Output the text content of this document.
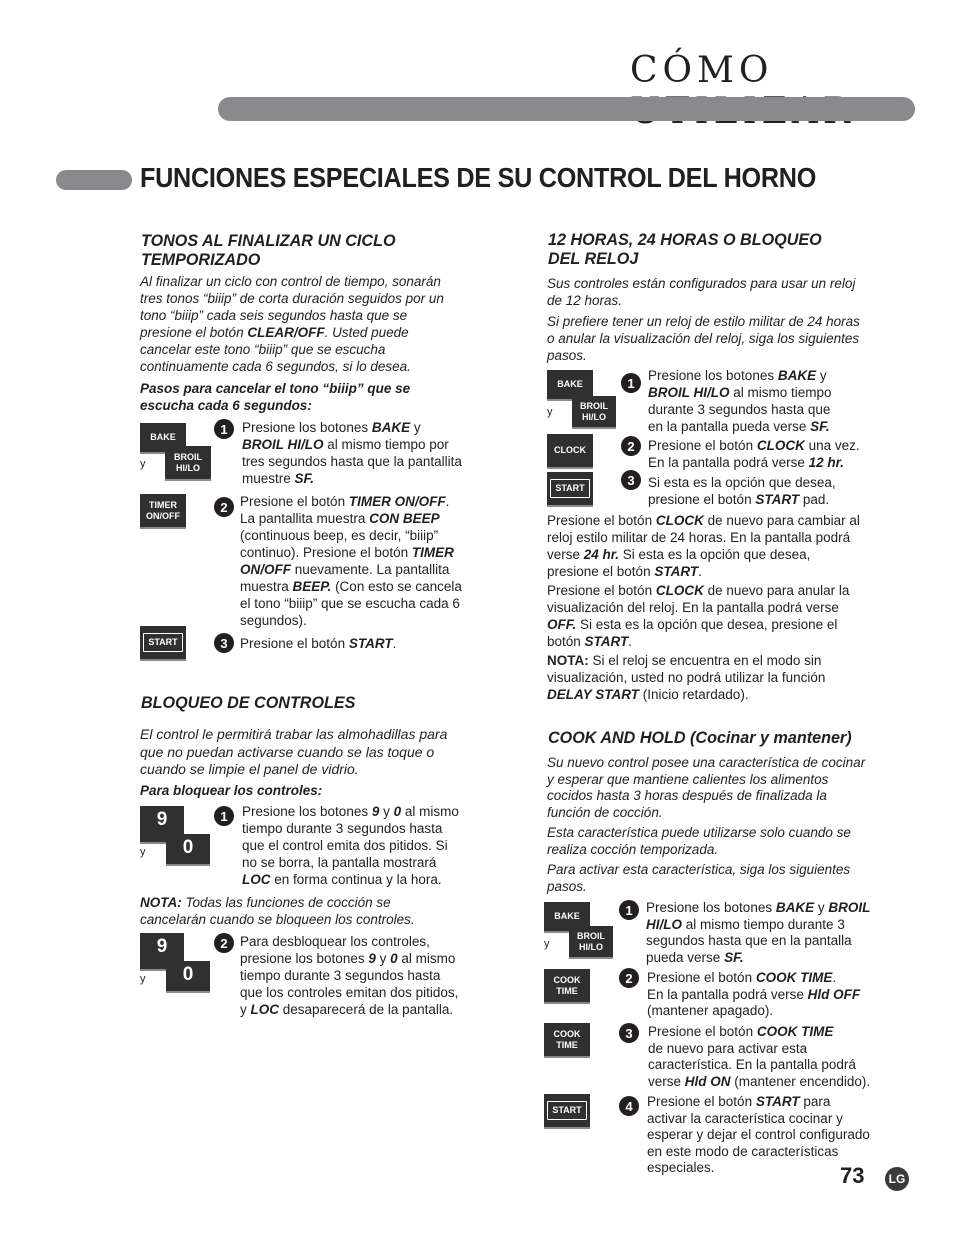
CÓMO
FUNCIONES ESPECIALES DE SU CONTROL DEL HORNO
TONOS AL FINALIZAR UN CICLO
TEMPORIZADO
Al finalizar un ciclo con control de tiempo, sonarán
tres tonos “biiip” de corta duración seguidos por un
tono “biiip” cada seis segundos hasta que se
presione el botón CLEAR/OFF. Usted puede
cancelar este tono “biiip” que se escucha
continuamente cada 6 segundos, si lo desea.
Pasos para cancelar el tono “biiip” que se
escucha cada 6 segundos:
BAKE
y
BROIL
HI/LO
1	Presione los botones BAKE y
BROIL HI/LO al mismo tiempo por
tres segundos hasta que la pantallita
muestre SF.
TIMER
ON/OFF
2 Presione el botón TIMER ON/OFF.
La pantallita muestra CON BEEP
(continuous beep, es decir, “biiip”
continuo). Presione el botón TIMER
ON/OFF nuevamente. La pantallita
muestra BEEP. (Con esto se cancela
el tono “biiip” que se escucha cada 6
segundos).
START	3 Presione el botón START.
BLOQUEO DE CONTROLES
El control le permitirá trabar las almohadillas para
que no puedan activarse cuando se las toque o
cuando se limpie el panel de vidrio.
Para bloquear los controles:
9
y	0
1	Presione los botones 9 y 0 al mismo
tiempo durante 3 segundos hasta
que el control emita dos pitidos. Si
no se borra, la pantalla mostrará
LOC en forma continua y la hora.
NOTA: Todas las funciones de cocción se
cancelarán cuando se bloqueen los controles.
9
y	0
2 Para desbloquear los controles,
presione los botones 9 y 0 al mismo
tiempo durante 3 segundos hasta
que los controles emitan dos pitidos,
y LOC desaparecerá de la pantalla.
12 HORAS, 24 HORAS O BLOQUEO
DEL RELOJ
Sus controles están configurados para usar un reloj
de 12 horas.
Si prefiere tener un reloj de estilo militar de 24 horas
o anular la visualización del reloj, siga los siguientes
pasos.
BAKE
y
BROIL
HI/LO
1 Presione los botones BAKE y
BROIL HI/LO al mismo tiempo
durante 3 segundos hasta que
en la pantalla pueda verse SF.
CLOCK	2 Presione el botón CLOCK una vez.
En la pantalla podrá verse 12 hr.
START
3 Si esta es la opción que desea,
presione el botón START pad.
Presione el botón CLOCK de nuevo para cambiar al
reloj estilo militar de 24 horas. En la pantalla podrá
verse 24 hr. Si esta es la opción que desea,
presione el botón START.
Presione el botón CLOCK de nuevo para anular la
visualización del reloj. En la pantalla podrá verse
OFF. Si esta es la opción que desea, presione el
botón START.
NOTA: Si el reloj se encuentra en el modo sin
visualización, usted no podrá utilizar la función
DELAY START (Inicio retardado).
COOK AND HOLD (Cocinar y mantener)
Su nuevo control posee una característica de cocinar
y esperar que mantiene calientes los alimentos
cocidos hasta 3 horas después de finalizada la
función de cocción.
Esta característica puede utilizarse solo cuando se
realiza cocción temporizada.
Para activar esta característica, siga los siguientes
pasos.
BAKE
y
BROIL
HI/LO
1 Presione los botones BAKE y BROIL
HI/LO al mismo tiempo durante 3
segundos hasta que en la pantalla
pueda verse SF.
COOK
TIME
2	Presione el botón COOK TIME.
En la pantalla podrá verse Hld OFF
(mantener apagado).
COOK
TIME
3	Presione el botón COOK TIME
de nuevo para activar esta
característica. En la pantalla podrá
verse Hld ON (mantener encendido).
START	4	Presione el botón START para
activar la característica cocinar y
esperar y dejar el control configurado
en este modo de características
especiales.	73	LG
